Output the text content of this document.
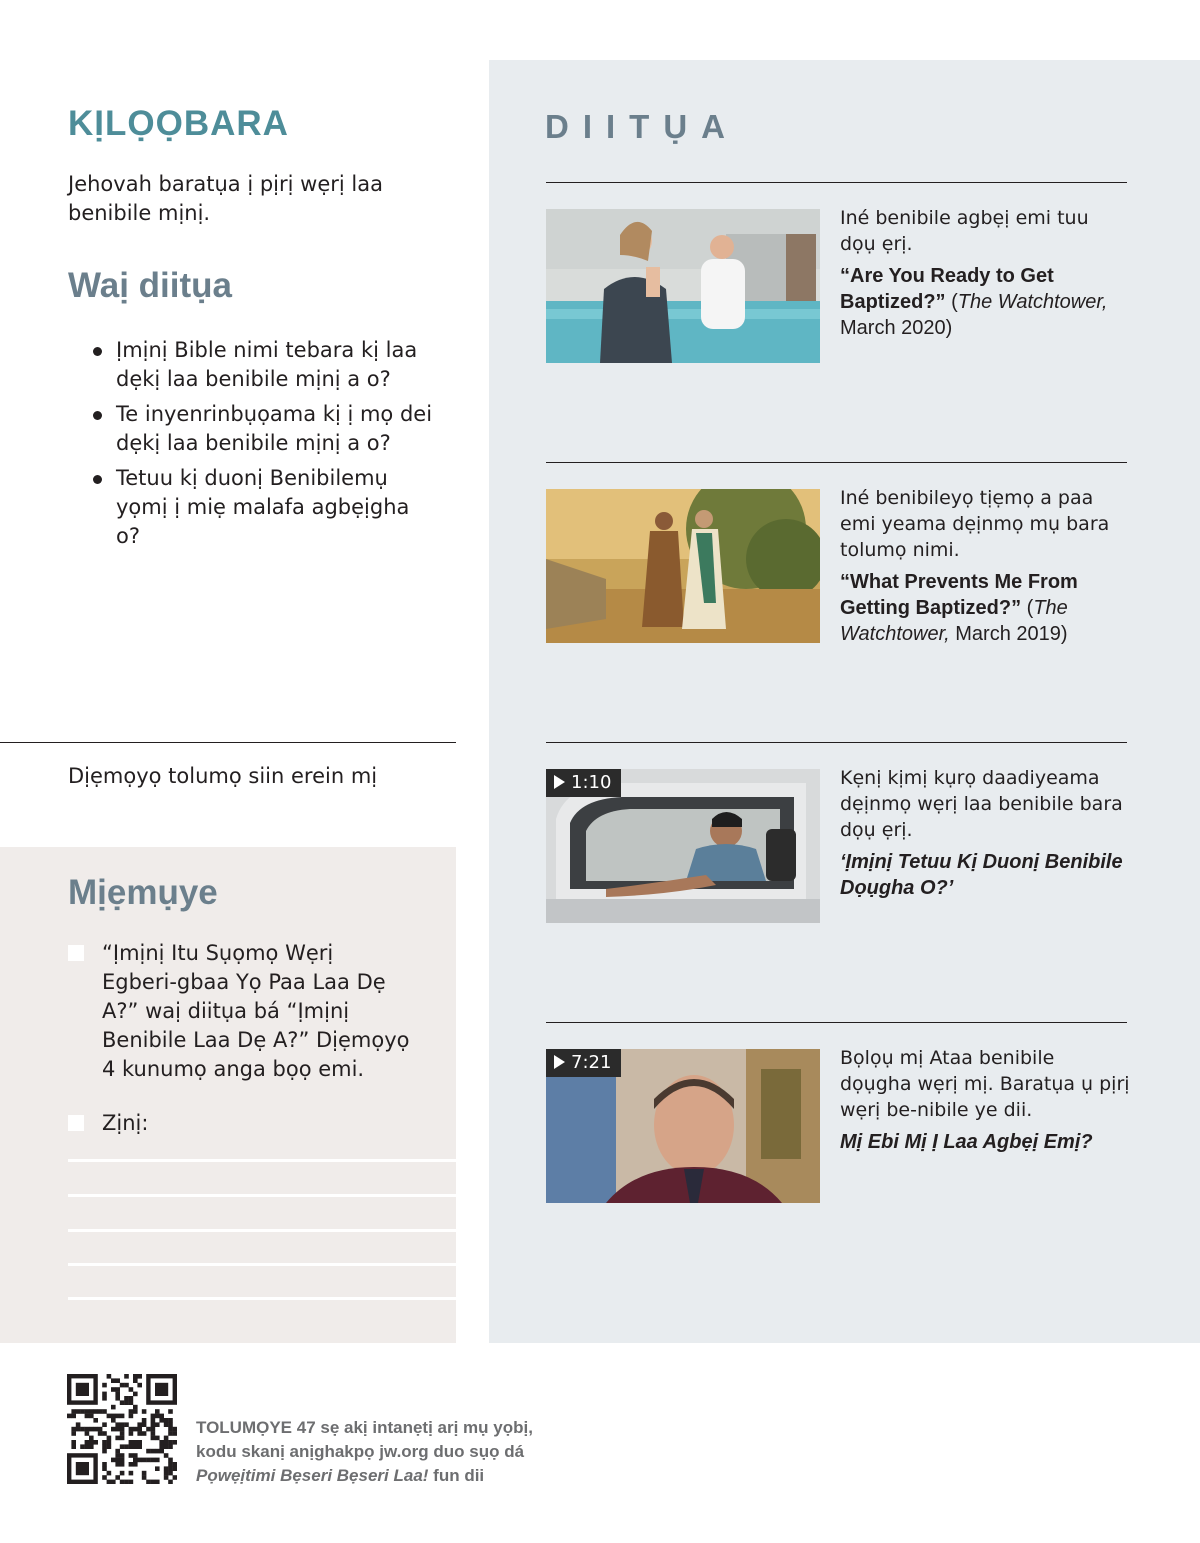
KỊLỌỌBARA
Jehovah baratụa ị pịrị wẹrị laa benibile mịnị.
Waị diitụa
Ịmịnị Bible nimi tebara kị laa dẹkị laa benibile mịnị a o?
Te inyenrinbụọama kị ị mọ dei dẹkị laa benibile mịnị a o?
Tetuu kị duonị Benibilemụ yọmị ị miẹ malafa agbẹịgha o?
Dịẹmọyọ tolumọ siin erein mị
Mịẹmụye
“Ịmịnị Itu Sụọmọ Wẹrị Egberi-gbaa Yọ Paa Laa Dẹ A?” waị diitụa bá “Ịmịnị Benibile Laa Dẹ A?” Dịẹmọyọ 4 kunumọ anga bọọ emi.
Zịnị:
DIITỤA
Iné benibile agbẹị emi tuu dọụ ẹrị.
“Are You Ready to Get Baptized?” (The Watchtower, March 2020)
Iné benibileyọ tịẹmọ a paa emi yeama dẹịnmọ mụ bara tolumọ nimi.
“What Prevents Me From Getting Baptized?” (The Watchtower, March 2019)
1:10	Kẹnị kịmị kụrọ daadiyeama dẹịnmọ wẹrị laa benibile bara dọụ ẹrị.
‘Ịmịnị Tetuu Kị Duonị Benibile Dọụgha O?’
7:21	Bọlọụ mị Ataa benibile dọụgha wẹrị mị. Baratụa ụ pịrị wẹrị be-nibile ye dii.
Mị Ebi Mị Ị Laa Agbẹị Emị?
TOLUMỌYE 47 sẹ akị intanẹtị arị mụ yọbị,
kodu skanị anịghakpọ jw.org duo sụọ dá
Pọwẹịtimi Bẹseri Bẹseri Laa! fun dii
